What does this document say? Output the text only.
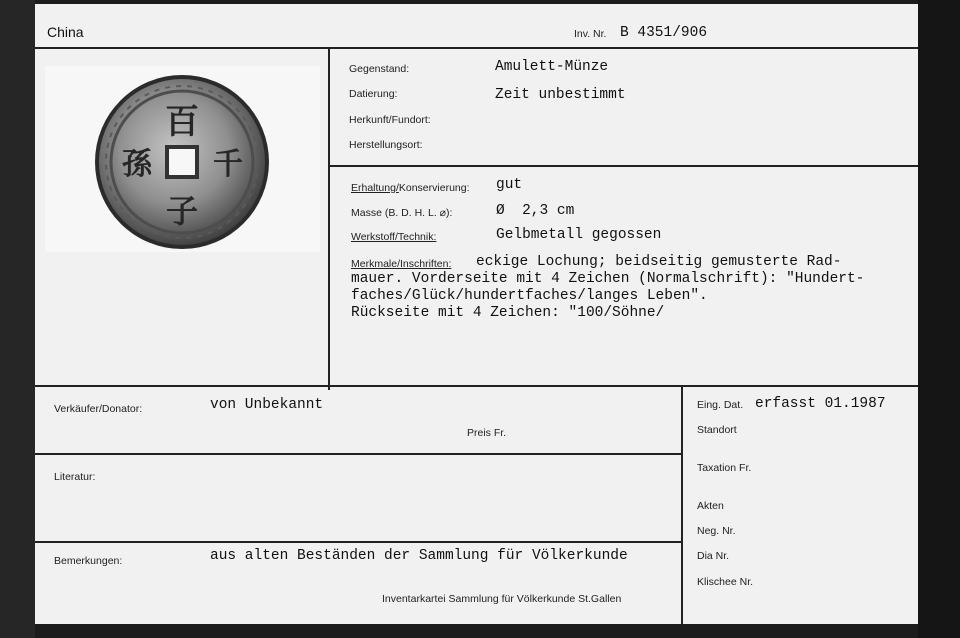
China	Inv. Nr. B 4351/906
百
千
孫
子
Gegenstand:	Amulett-Münze
Datierung:	Zeit unbestimmt
Herkunft/Fundort:
Herstellungsort:
Erhaltung/Konservierung: gut
Masse (B. D. H. L. ⌀):	Ø  2,3 cm
Werkstoff/Technik:	Gelbmetall gegossen
Merkmale/Inschriften: eckige Lochung; beidseitig gemusterte Rad-
mauer. Vorderseite mit 4 Zeichen (Normalschrift): "Hundert-
faches/Glück/hundertfaches/langes Leben".
Rückseite mit 4 Zeichen: "100/Söhne/
Verkäufer/Donator:	von Unbekannt
Preis Fr.
Literatur:
Bemerkungen:	aus alten Beständen der Sammlung für Völkerkunde
Inventarkartei Sammlung für Völkerkunde St.Gallen
Eing. Dat. erfasst 01.1987
Standort
Taxation Fr.
Akten
Neg. Nr.
Dia Nr.
Klischee Nr.
